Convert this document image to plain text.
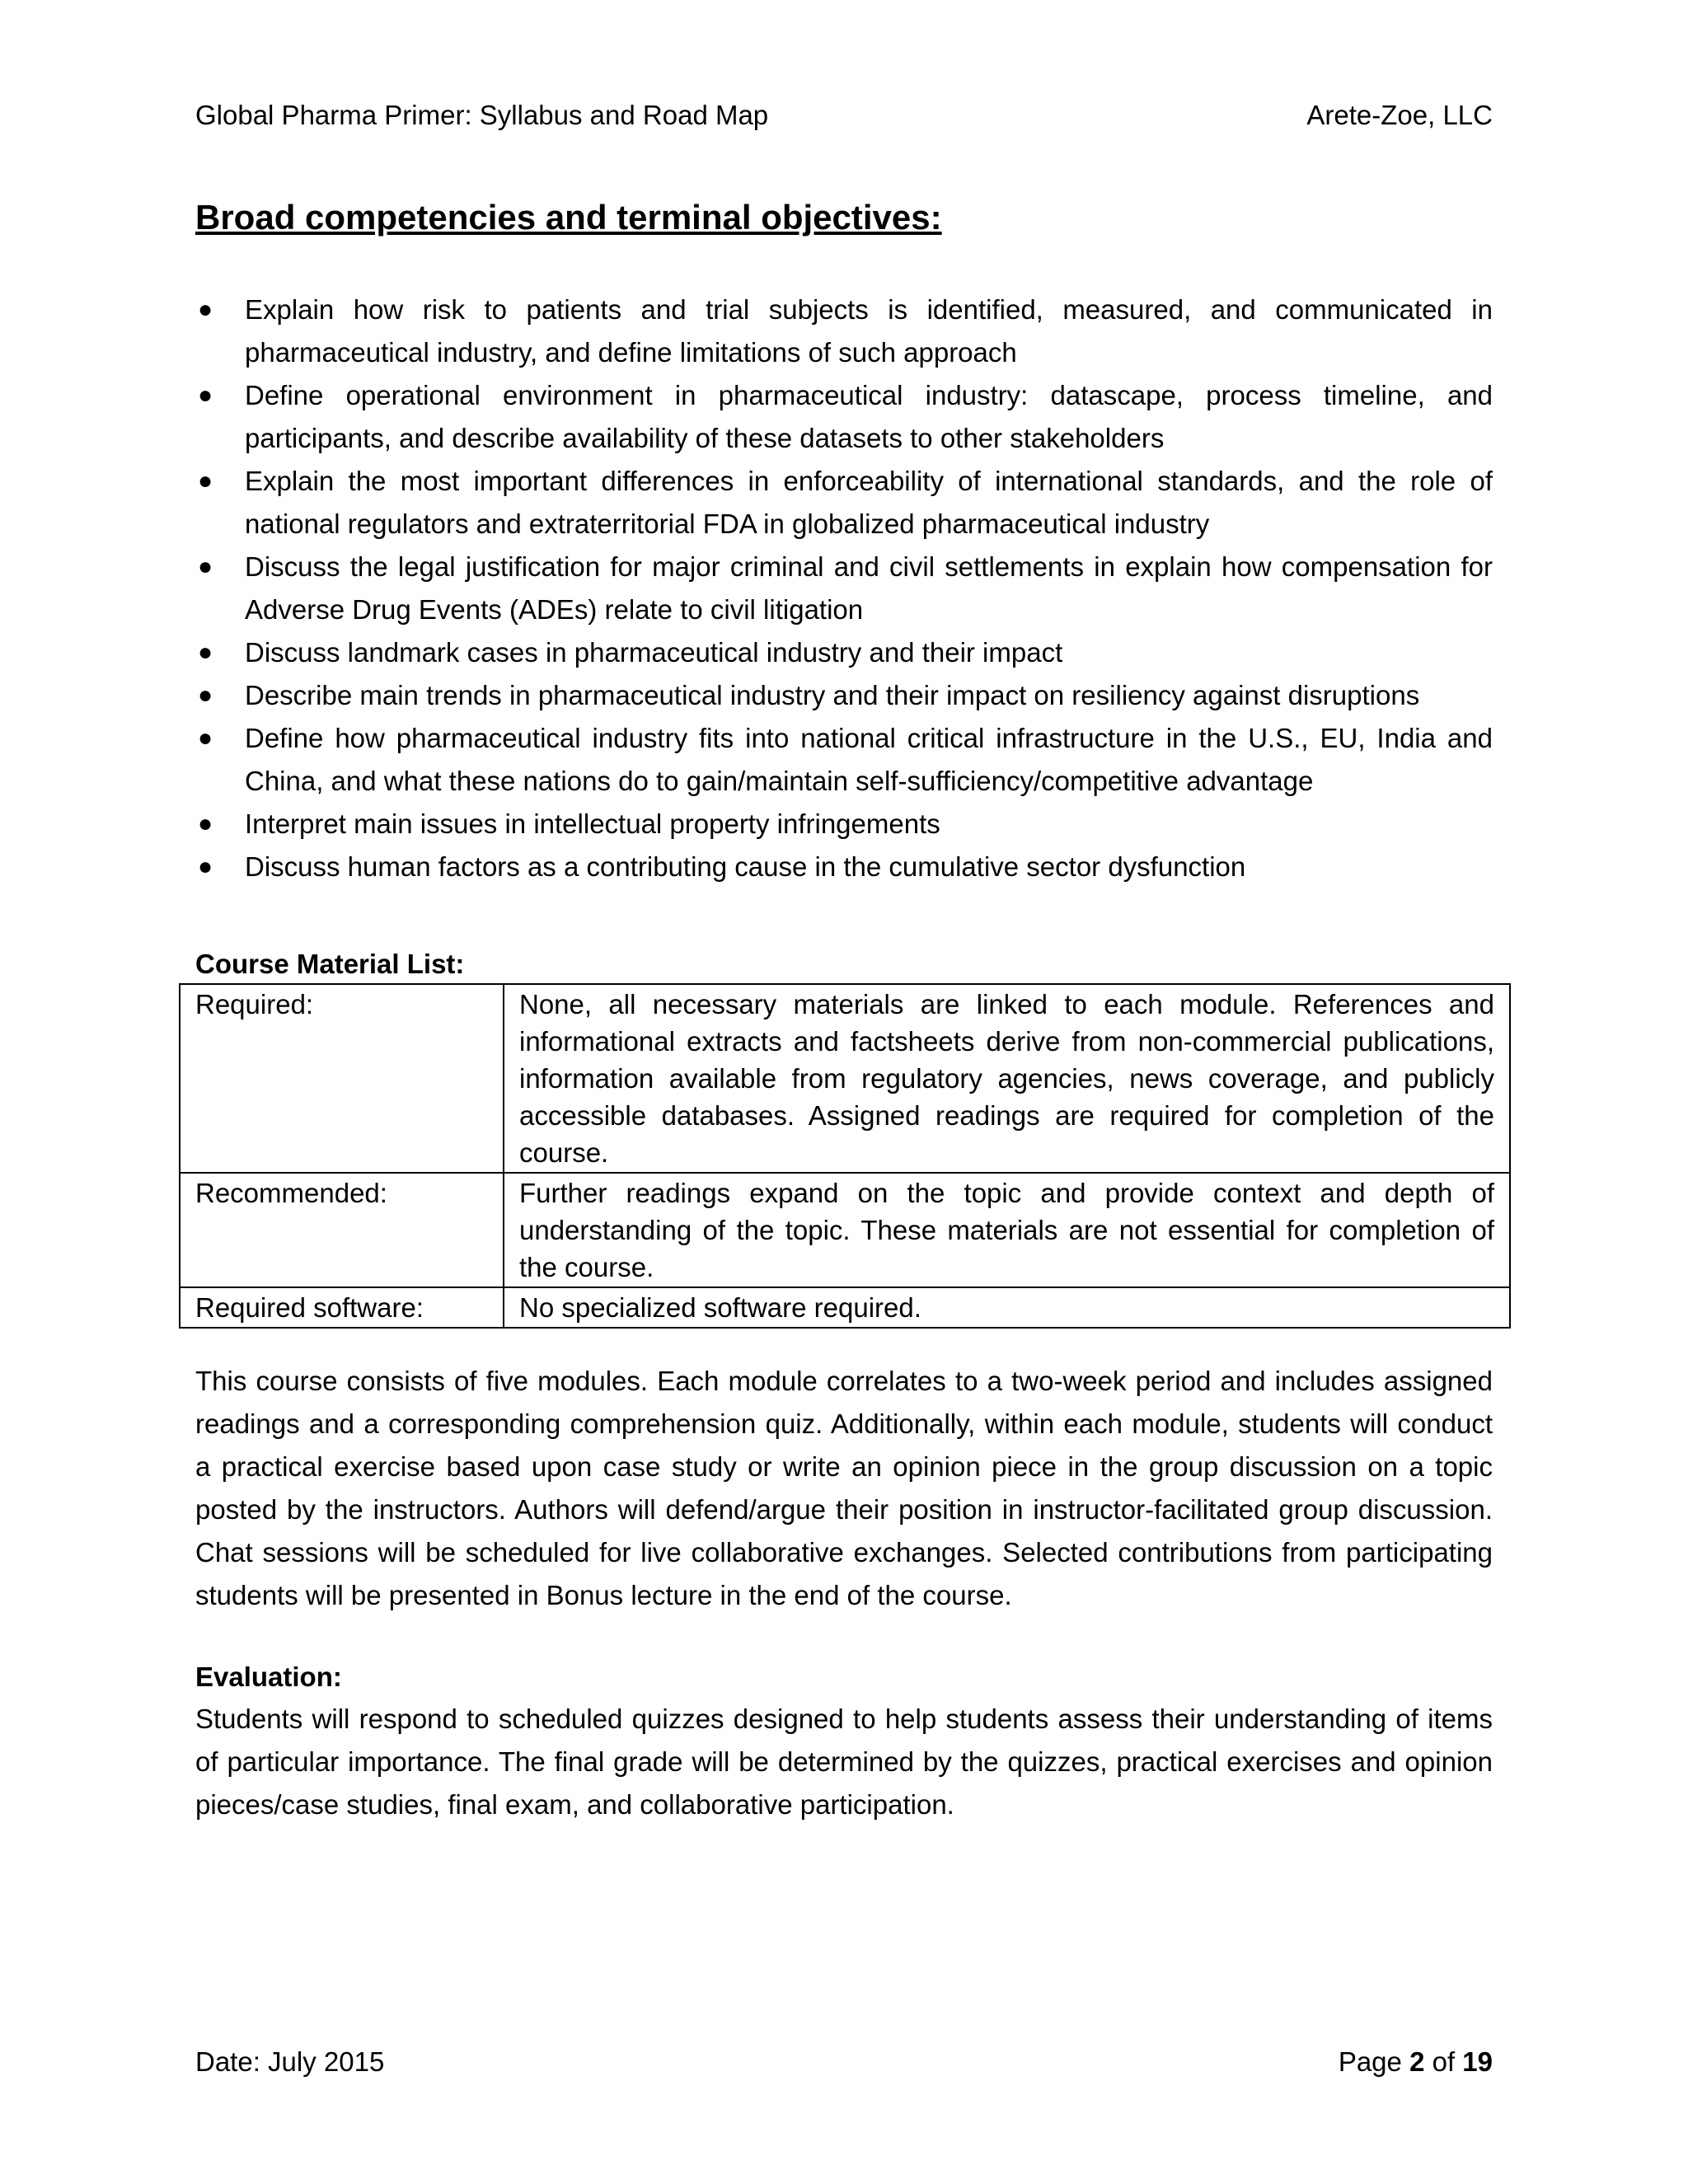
Global Pharma Primer: Syllabus and Road Map	Arete-Zoe, LLC
Broad competencies and terminal objectives:
●	Explain how risk to patients and trial subjects is identified, measured, and communicated in pharmaceutical industry, and define limitations of such approach
●	Define operational environment in pharmaceutical industry: datascape, process timeline, and participants, and describe availability of these datasets to other stakeholders
●	Explain the most important differences in enforceability of international standards, and the role of national regulators and extraterritorial FDA in globalized pharmaceutical industry
●	Discuss the legal justification for major criminal and civil settlements in explain how compensation for Adverse Drug Events (ADEs) relate to civil litigation
●	Discuss landmark cases in pharmaceutical industry and their impact
●	Describe main trends in pharmaceutical industry and their impact on resiliency against disruptions
●	Define how pharmaceutical industry fits into national critical infrastructure in the U.S., EU, India and China, and what these nations do to gain/maintain self-sufficiency/competitive advantage
●	Interpret main issues in intellectual property infringements
●	Discuss human factors as a contributing cause in the cumulative sector dysfunction
Course Material List:
Required:	None, all necessary materials are linked to each module. References and informational extracts and factsheets derive from non-commercial publications, information available from regulatory agencies, news coverage, and publicly accessible databases. Assigned readings are required for completion of the course.
Recommended:	Further readings expand on the topic and provide context and depth of understanding of the topic. These materials are not essential for completion of the course.
Required software:	No specialized software required.

This course consists of five modules. Each module correlates to a two-week period and includes assigned readings and a corresponding comprehension quiz. Additionally, within each module, students will conduct a practical exercise based upon case study or write an opinion piece in the group discussion on a topic posted by the instructors. Authors will defend/argue their position in instructor-facilitated group discussion. Chat sessions will be scheduled for live collaborative exchanges. Selected contributions from participating students will be presented in Bonus lecture in the end of the course.

Evaluation:

Students will respond to scheduled quizzes designed to help students assess their understanding of items of particular importance. The final grade will be determined by the quizzes, practical exercises and opinion pieces/case studies, final exam, and collaborative participation.

Date: July 2015	Page 2 of 19
